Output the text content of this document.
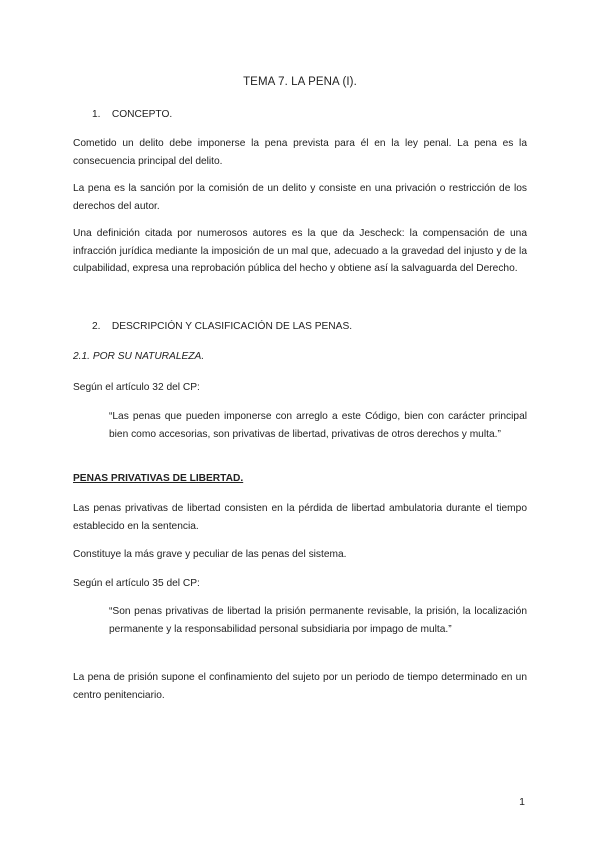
TEMA 7. LA PENA (I).
1. CONCEPTO.
Cometido un delito debe imponerse la pena prevista para él en la ley penal. La pena es la consecuencia principal del delito.
La pena es la sanción por la comisión de un delito y consiste en una privación o restricción de los derechos del autor.
Una definición citada por numerosos autores es la que da Jescheck: la compensación de una infracción jurídica mediante la imposición de un mal que, adecuado a la gravedad del injusto y de la culpabilidad, expresa una reprobación pública del hecho y obtiene así la salvaguarda del Derecho.
2. DESCRIPCIÓN Y CLASIFICACIÓN DE LAS PENAS.
2.1. POR SU NATURALEZA.
Según el artículo 32 del CP:
“Las penas que pueden imponerse con arreglo a este Código, bien con carácter principal bien como accesorias, son privativas de libertad, privativas de otros derechos y multa.”
PENAS PRIVATIVAS DE LIBERTAD.
Las penas privativas de libertad consisten en la pérdida de libertad ambulatoria durante el tiempo establecido en la sentencia.
Constituye la más grave y peculiar de las penas del sistema.
Según el artículo 35 del CP:
“Son penas privativas de libertad la prisión permanente revisable, la prisión, la localización permanente y la responsabilidad personal subsidiaria por impago de multa.”
La pena de prisión supone el confinamiento del sujeto por un periodo de tiempo determinado en un centro penitenciario.
1
